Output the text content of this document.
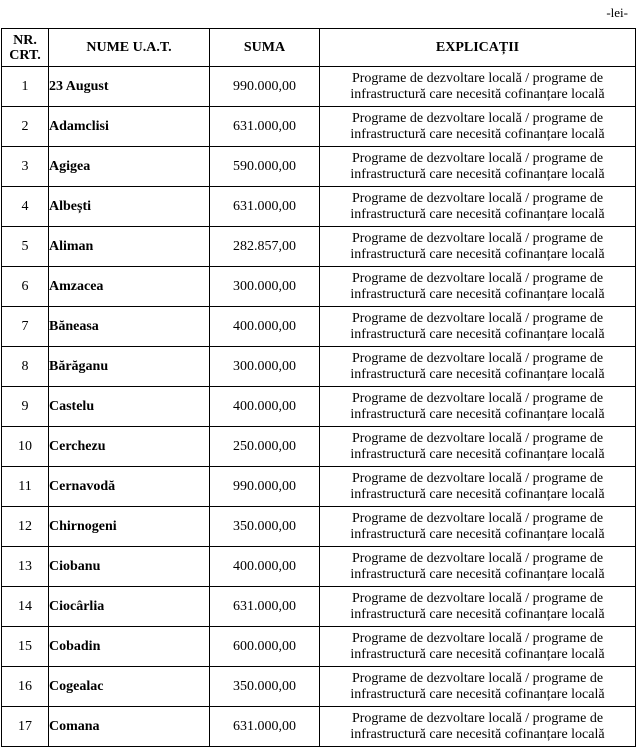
-lei-
NR. CRT.	NUME U.A.T.	SUMA	EXPLICAȚII
1	23 August	990.000,00	Programe de dezvoltare locală / programe de
infrastructură care necesită cofinanțare locală

2	Adamclisi	631.000,00	Programe de dezvoltare locală / programe de
infrastructură care necesită cofinanțare locală

3	Agigea	590.000,00	Programe de dezvoltare locală / programe de
infrastructură care necesită cofinanțare locală

4	Albești	631.000,00	Programe de dezvoltare locală / programe de
infrastructură care necesită cofinanțare locală

5	Aliman	282.857,00	Programe de dezvoltare locală / programe de
infrastructură care necesită cofinanțare locală

6	Amzacea	300.000,00	Programe de dezvoltare locală / programe de
infrastructură care necesită cofinanțare locală

7	Băneasa	400.000,00	Programe de dezvoltare locală / programe de
infrastructură care necesită cofinanțare locală

8	Bărăganu	300.000,00	Programe de dezvoltare locală / programe de
infrastructură care necesită cofinanțare locală

9	Castelu	400.000,00	Programe de dezvoltare locală / programe de
infrastructură care necesită cofinanțare locală

10	Cerchezu	250.000,00	Programe de dezvoltare locală / programe de
infrastructură care necesită cofinanțare locală

11	Cernavodă	990.000,00	Programe de dezvoltare locală / programe de
infrastructură care necesită cofinanțare locală

12	Chirnogeni	350.000,00	Programe de dezvoltare locală / programe de
infrastructură care necesită cofinanțare locală

13	Ciobanu	400.000,00	Programe de dezvoltare locală / programe de
infrastructură care necesită cofinanțare locală

14	Ciocârlia	631.000,00	Programe de dezvoltare locală / programe de
infrastructură care necesită cofinanțare locală

15	Cobadin	600.000,00	Programe de dezvoltare locală / programe de
infrastructură care necesită cofinanțare locală

16	Cogealac	350.000,00	Programe de dezvoltare locală / programe de
infrastructură care necesită cofinanțare locală

17	Comana	631.000,00	Programe de dezvoltare locală / programe de
infrastructură care necesită cofinanțare locală
